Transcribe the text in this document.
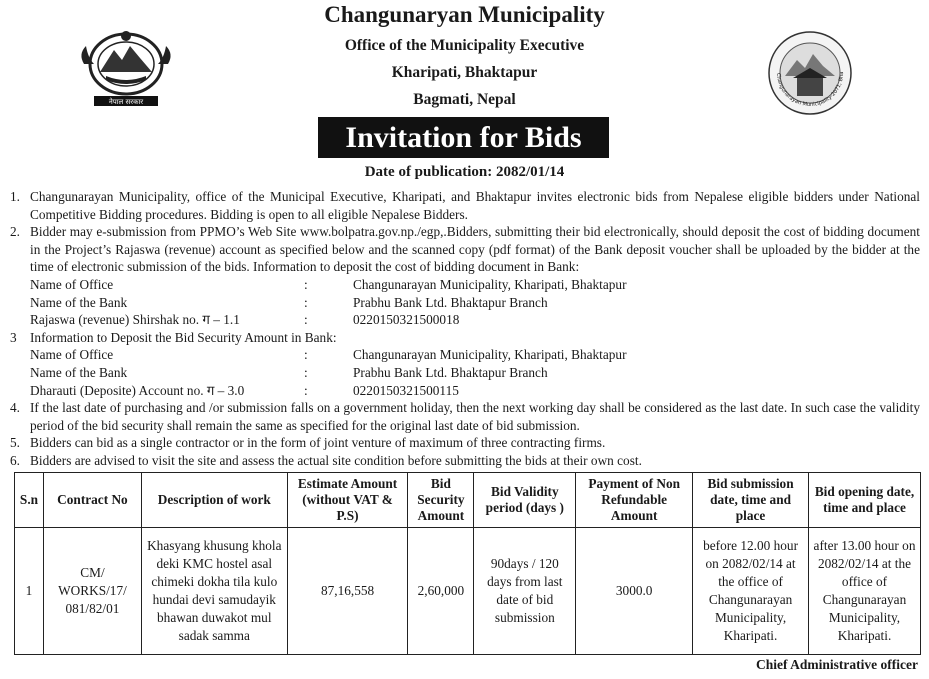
Changunaryan Municipality
Office of the Municipality Executive
Kharipati, Bhaktapur
Bagmati, Nepal
नेपाल सरकार
Changunarayan Municipality-2071, Bha
Invitation for Bids
Date of publication: 2082/01/14
1. Changunarayan Municipality, office of the Municipal Executive, Kharipati, and Bhaktapur invites electronic bids from Nepalese eligible bidders under National Competitive Bidding procedures. Bidding is open to all eligible Nepalese Bidders.
2. Bidder may e-submission from PPMO’s Web Site www.bolpatra.gov.np./egp,.Bidders, submitting their bid electronically, should deposit the cost of bidding document in the Project’s Rajaswa (revenue) account as specified below and the scanned copy (pdf format) of the Bank deposit voucher shall be uploaded by the bidder at the time of electronic submission of the bids. Information to deposit the cost of bidding document in Bank:
Name of Office	:	Changunarayan Municipality, Kharipati, Bhaktapur
Name of the Bank	:	Prabhu Bank Ltd. Bhaktapur Branch
Rajaswa (revenue) Shirshak no. ग – 1.1	:	0220150321500018
3 Information to Deposit the Bid Security Amount in Bank:
Name of Office	:	Changunarayan Municipality, Kharipati, Bhaktapur
Name of the Bank	:	Prabhu Bank Ltd. Bhaktapur Branch
Dharauti (Deposite) Account no. ग – 3.0	:	0220150321500115
4. If the last date of purchasing and /or submission falls on a government holiday, then the next working day shall be considered as the last date. In such case the validity period of the bid security shall remain the same as specified for the original last date of bid submission.
5. Bidders can bid as a single contractor or in the form of joint venture of maximum of three contracting firms.
6. Bidders are advised to visit the site and assess the actual site condition before submitting the bids at their own cost.
S.n	Contract No	Description of work	Estimate Amount (without VAT & P.S)	Bid Security Amount	Bid Validity period (days )	Payment of Non Refundable Amount	Bid submission date, time and place	Bid opening date, time and place
1	CM/ WORKS/17/ 081/82/01	Khasyang khusung khola deki KMC hostel asal chimeki dokha tila kulo hundai devi samudayik bhawan duwakot mul sadak samma	87,16,558	2,60,000	90days / 120 days from last date of bid submission	3000.0	before 12.00 hour on 2082/02/14 at the office of Changunarayan Municipality, Kharipati.	after 13.00 hour on 2082/02/14 at the office of Changunarayan Municipality, Kharipati.
Chief Administrative officer
